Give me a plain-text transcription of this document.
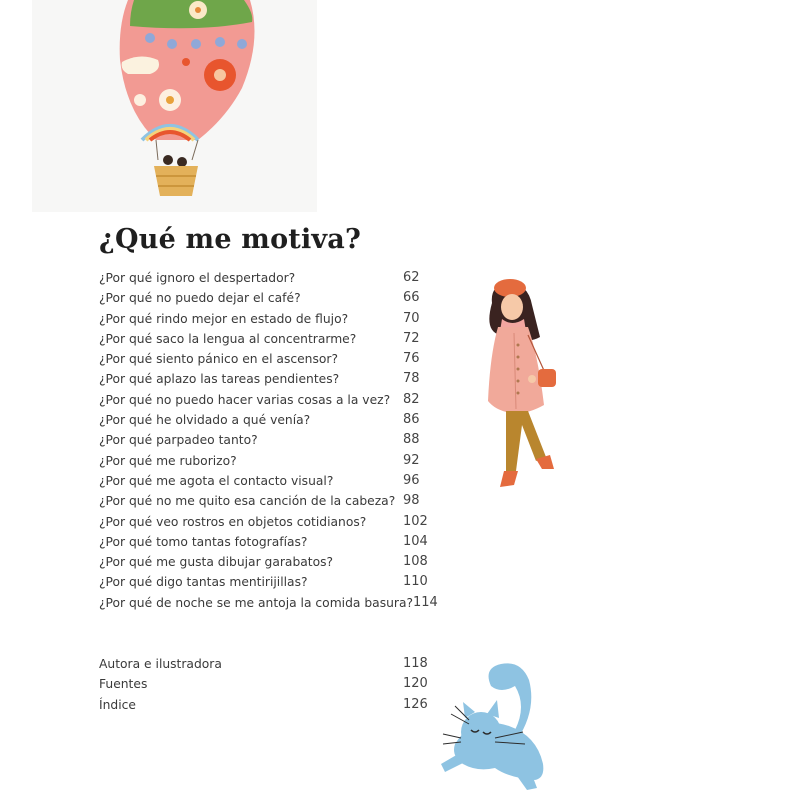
¿Qué me motiva?
¿Por qué ignoro el despertador?	62
¿Por qué no puedo dejar el café?	66
¿Por qué rindo mejor en estado de flujo?	70
¿Por qué saco la lengua al concentrarme?	72
¿Por qué siento pánico en el ascensor?	76
¿Por qué aplazo las tareas pendientes?	78
¿Por qué no puedo hacer varias cosas a la vez? 82
¿Por qué he olvidado a qué venía?	86
¿Por qué parpadeo tanto?	88
¿Por qué me ruborizo?	92
¿Por qué me agota el contacto visual?	96
¿Por qué no me quito esa canción de la cabeza? 98
¿Por qué veo rostros en objetos cotidianos?	102
¿Por qué tomo tantas fotografías?	104
¿Por qué me gusta dibujar garabatos?	108
¿Por qué digo tantas mentirijillas?	110
¿Por qué de noche se me antoja la comida basura? 114
Autora e ilustradora	118
Fuentes	120
Índice	126
